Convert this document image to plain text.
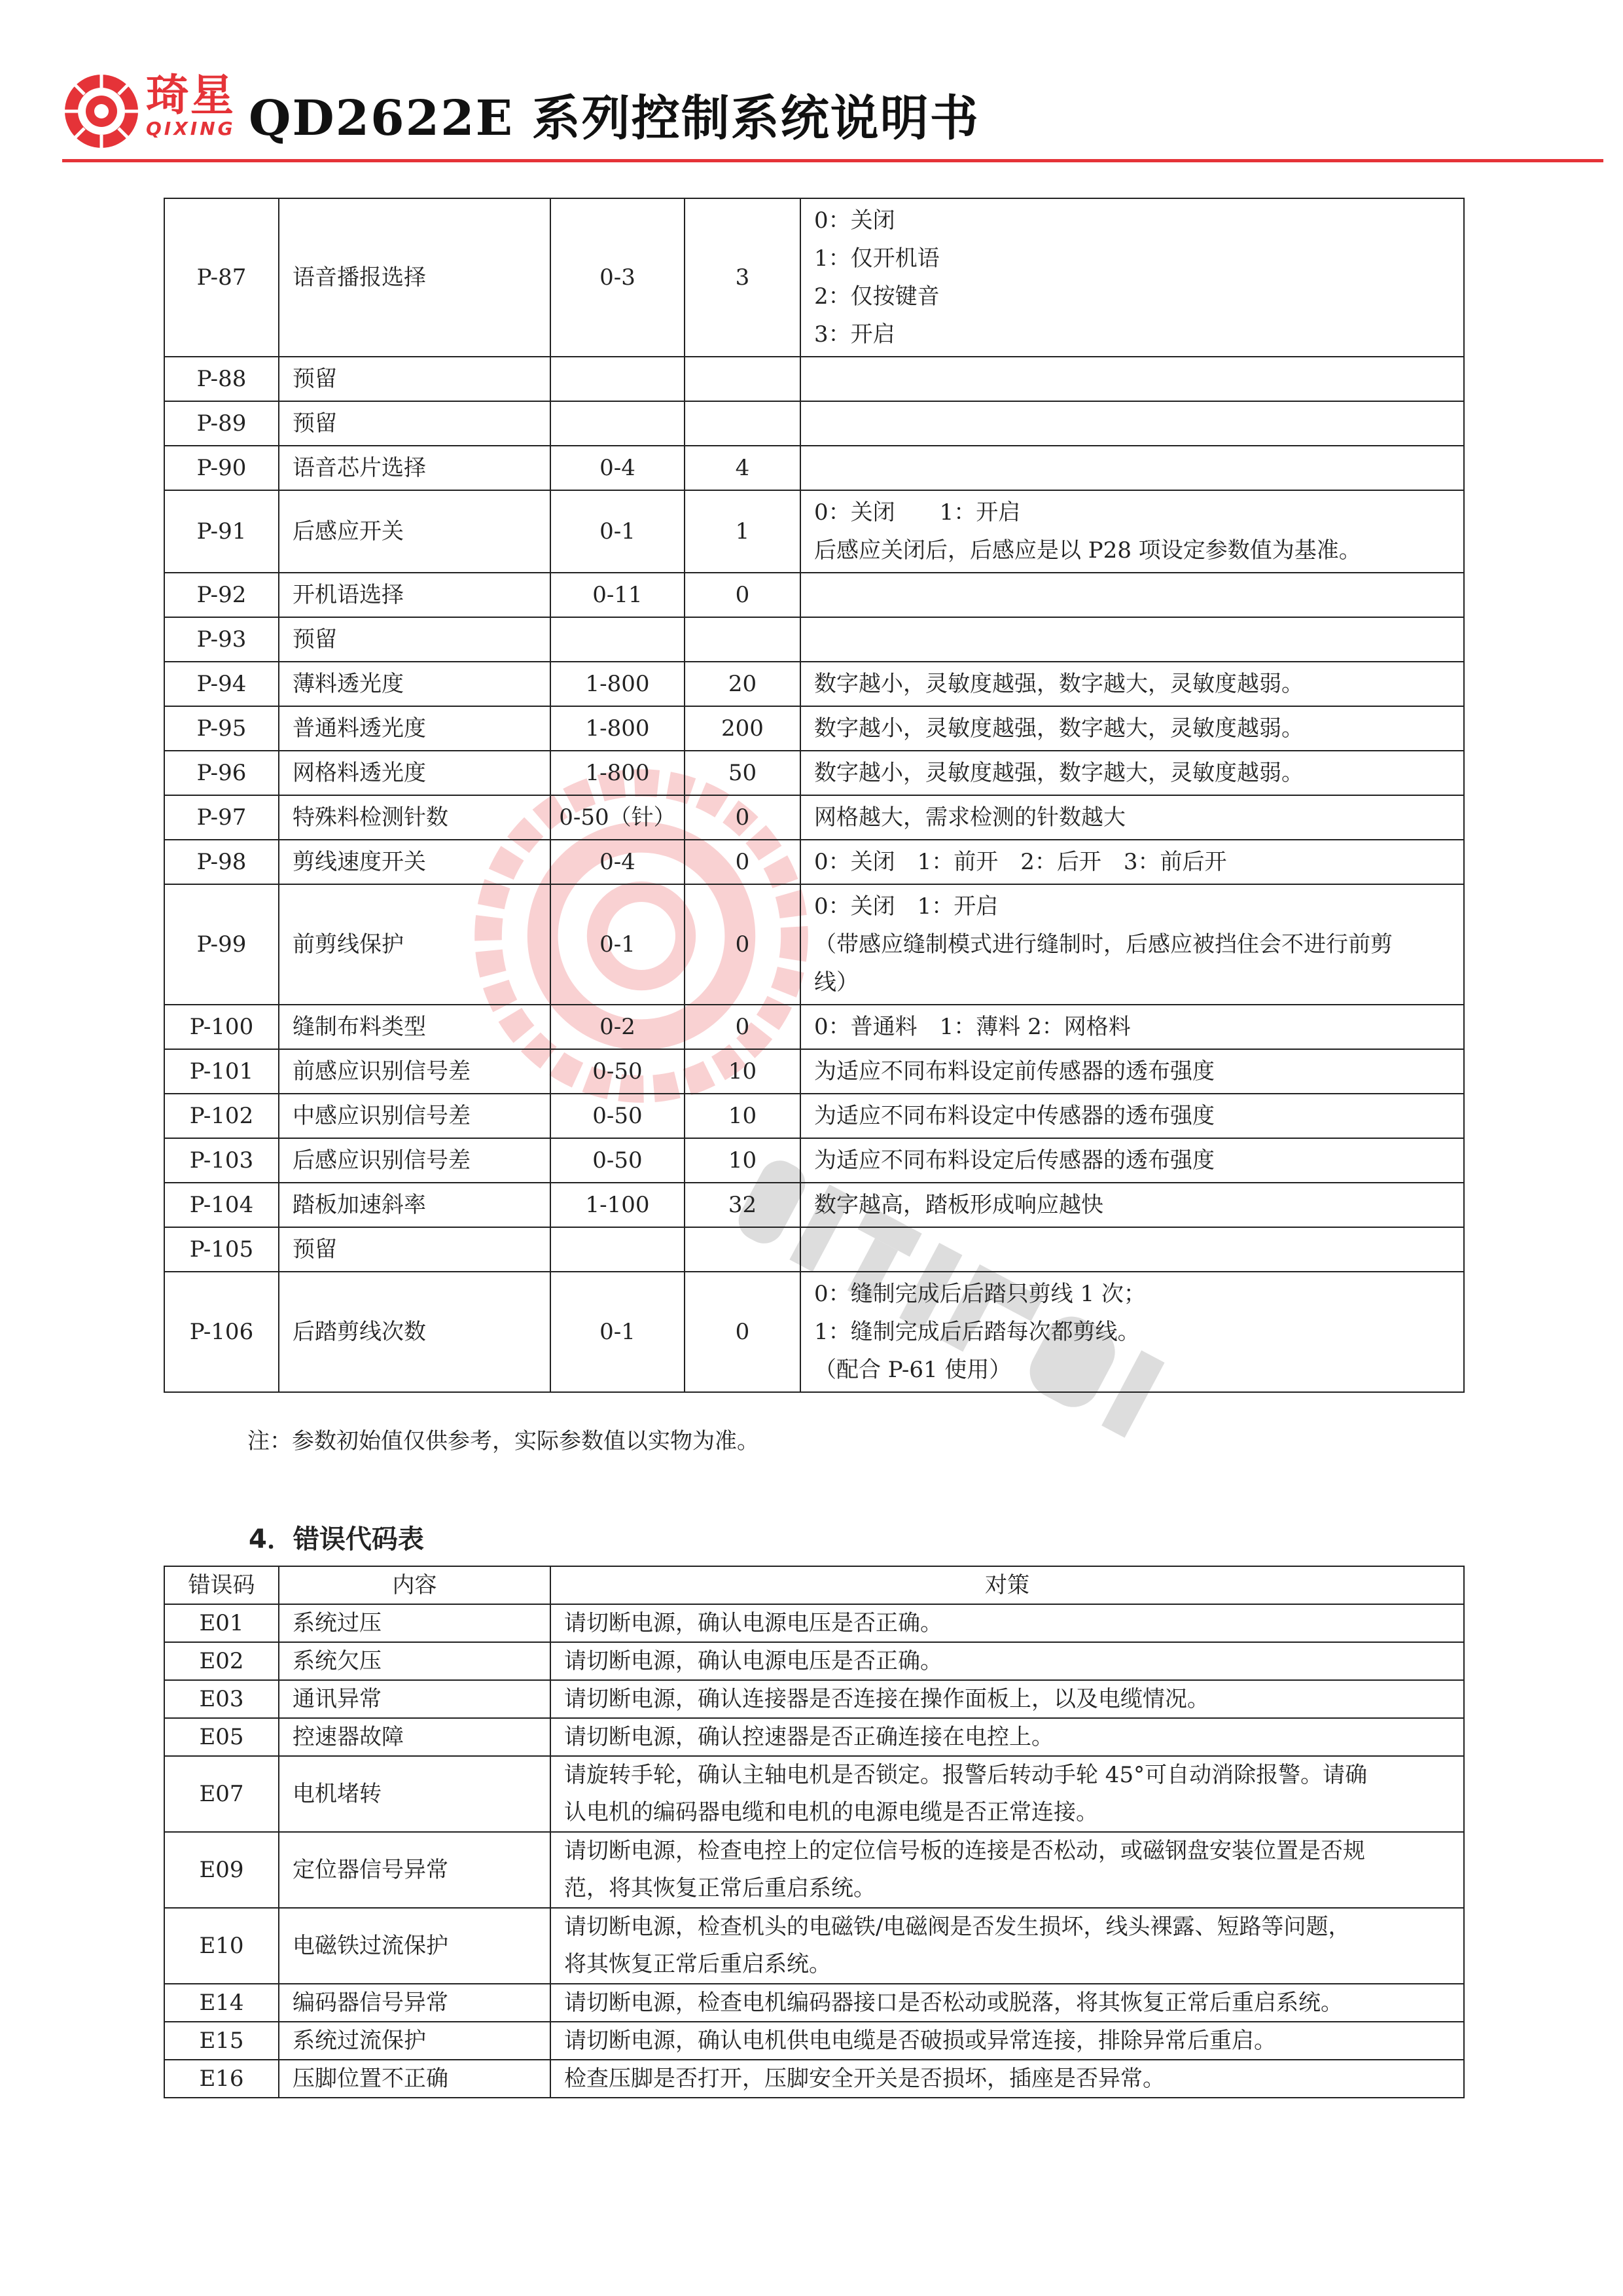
琦星
QIXING QD2622E 系列控制系统说明书
P-87	语音播报选择	0-3	3	0：关闭
1：仅开机语
2：仅按键音
3：开启

P-88	预留			
P-89	预留			
P-90	语音芯片选择	0-4	4	
P-91	后感应开关	0-1	1	0：关闭　　1：开启
后感应关闭后，后感应是以 P28 项设定参数值为基准。

P-92	开机语选择	0-11	0	
P-93	预留			
P-94	薄料透光度	1-800	20	数字越小，灵敏度越强，数字越大，灵敏度越弱。

P-95	普通料透光度	1-800	200	数字越小，灵敏度越强，数字越大，灵敏度越弱。

P-96	网格料透光度	1-800	50	数字越小，灵敏度越强，数字越大，灵敏度越弱。

P-97	特殊料检测针数	0-50（针）	0	网格越大，需求检测的针数越大

P-98	剪线速度开关	0-4	0	0：关闭　1：前开　2：后开　3：前后开

P-99	前剪线保护	0-1	0	0：关闭　1：开启
（带感应缝制模式进行缝制时，后感应被挡住会不进行前剪
线）

P-100	缝制布料类型	0-2	0	0：普通料　1：薄料 2：网格料

P-101	前感应识别信号差	0-50	10	为适应不同布料设定前传感器的透布强度

P-102	中感应识别信号差	0-50	10	为适应不同布料设定中传感器的透布强度

P-103	后感应识别信号差	0-50	10	为适应不同布料设定后传感器的透布强度

P-104	踏板加速斜率	1-100	32	数字越高，踏板形成响应越快

P-105	预留			
P-106	后踏剪线次数	0-1	0	0：缝制完成后后踏只剪线 1 次；
1：缝制完成后后踏每次都剪线。
（配合 P-61 使用）
注：参数初始值仅供参考，实际参数值以实物为准。
4．错误代码表
错误码	内容	对策
E01	系统过压	请切断电源，确认电源电压是否正确。

E02	系统欠压	请切断电源，确认电源电压是否正确。

E03	通讯异常	请切断电源，确认连接器是否连接在操作面板上，以及电缆情况。

E05	控速器故障	请切断电源，确认控速器是否正确连接在电控上。

E07	电机堵转	请旋转手轮，确认主轴电机是否锁定。报警后转动手轮 45°可自动消除报警。请确
认电机的编码器电缆和电机的电源电缆是否正常连接。

E09	定位器信号异常	请切断电源，检查电控上的定位信号板的连接是否松动，或磁钢盘安装位置是否规
范，将其恢复正常后重启系统。

E10	电磁铁过流保护	请切断电源，检查机头的电磁铁/电磁阀是否发生损坏，线头裸露、短路等问题，
将其恢复正常后重启系统。

E14	编码器信号异常	请切断电源，检查电机编码器接口是否松动或脱落，将其恢复正常后重启系统。

E15	系统过流保护	请切断电源，确认电机供电电缆是否破损或异常连接，排除异常后重启。

E16	压脚位置不正确	检查压脚是否打开，压脚安全开关是否损坏，插座是否异常。
